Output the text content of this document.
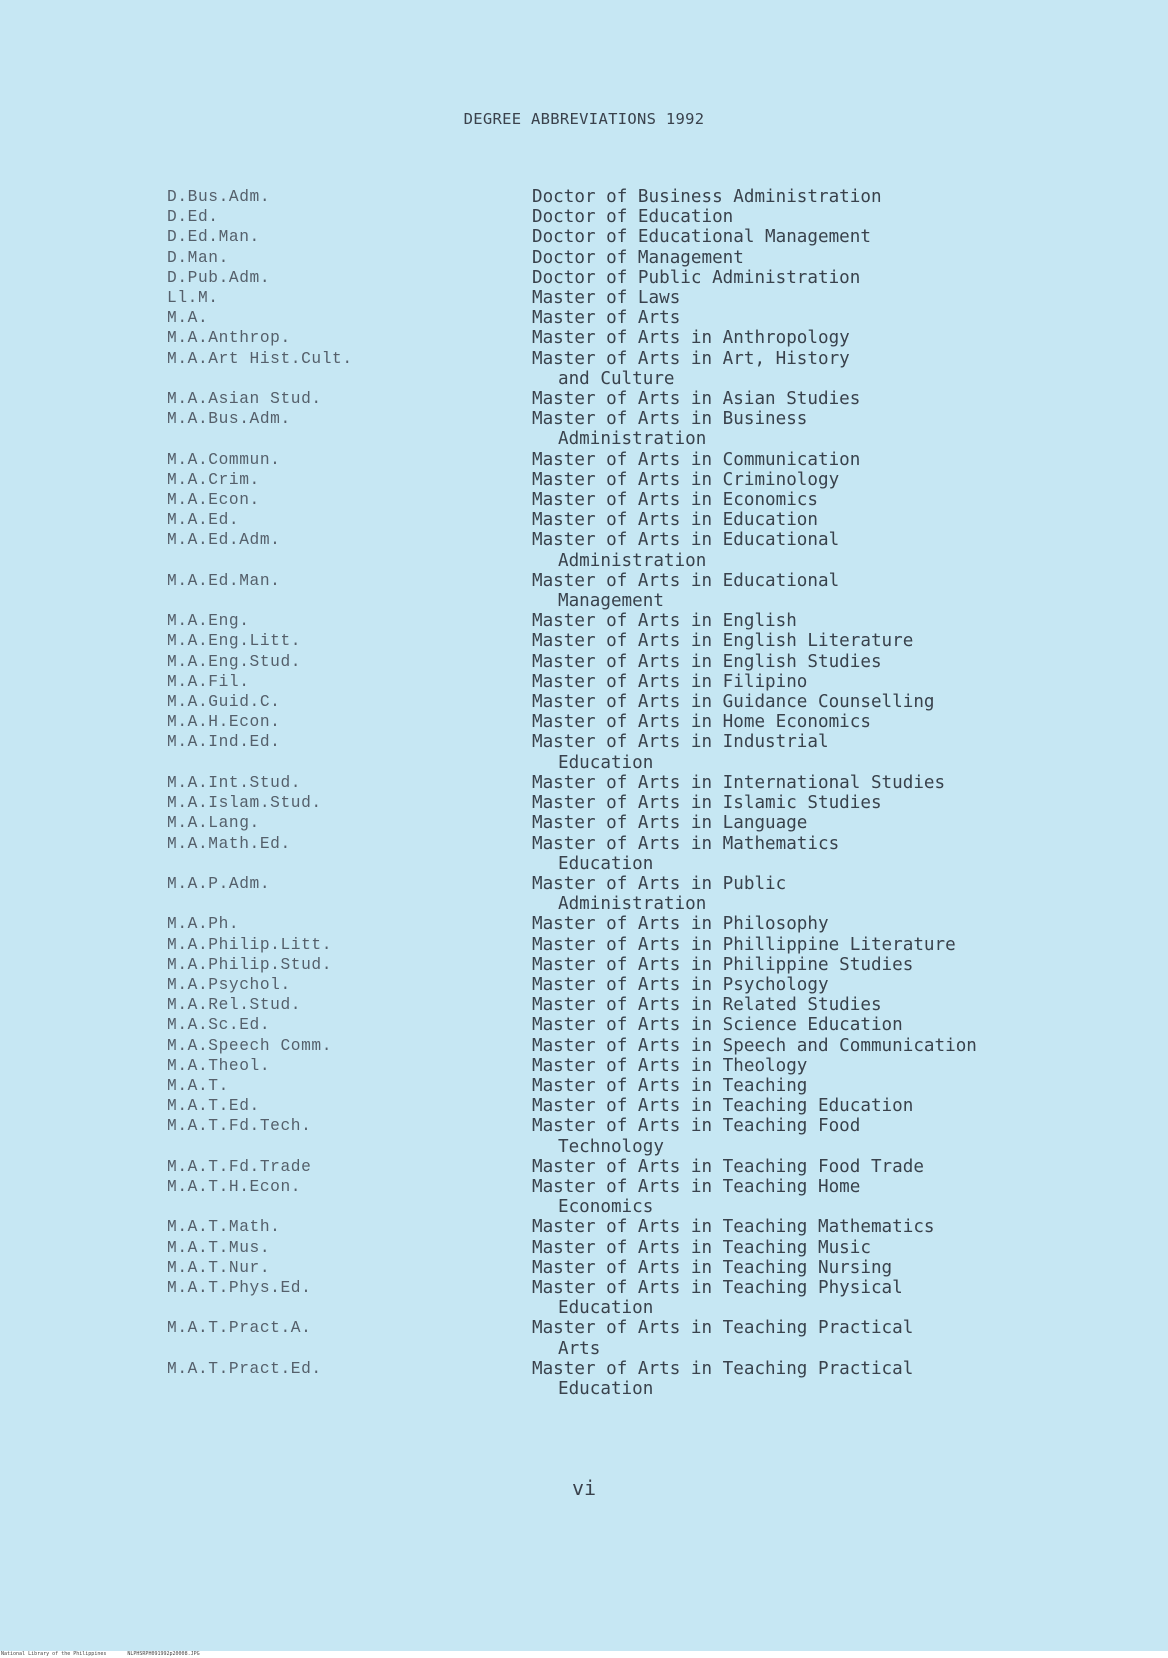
DEGREE ABBREVIATIONS 1992
D.Bus.Adm.	Doctor of Business Administration
D.Ed.	Doctor of Education
D.Ed.Man.	Doctor of Educational Management
D.Man.	Doctor of Management
D.Pub.Adm.	Doctor of Public Administration
Ll.M.	Master of Laws
M.A.	Master of Arts
M.A.Anthrop.	Master of Arts in Anthropology
M.A.Art Hist.Cult.	Master of Arts in Art, History
and Culture
M.A.Asian Stud.	Master of Arts in Asian Studies
M.A.Bus.Adm.	Master of Arts in Business
Administration
M.A.Commun.	Master of Arts in Communication
M.A.Crim.	Master of Arts in Criminology
M.A.Econ.	Master of Arts in Economics
M.A.Ed.	Master of Arts in Education
M.A.Ed.Adm.	Master of Arts in Educational
Administration
M.A.Ed.Man.	Master of Arts in Educational
Management
M.A.Eng.	Master of Arts in English
M.A.Eng.Litt.	Master of Arts in English Literature
M.A.Eng.Stud.	Master of Arts in English Studies
M.A.Fil.	Master of Arts in Filipino
M.A.Guid.C.	Master of Arts in Guidance Counselling
M.A.H.Econ.	Master of Arts in Home Economics
M.A.Ind.Ed.	Master of Arts in Industrial
Education
M.A.Int.Stud.	Master of Arts in International Studies
M.A.Islam.Stud.	Master of Arts in Islamic Studies
M.A.Lang.	Master of Arts in Language
M.A.Math.Ed.	Master of Arts in Mathematics
Education
M.A.P.Adm.	Master of Arts in Public
Administration
M.A.Ph.	Master of Arts in Philosophy
M.A.Philip.Litt.	Master of Arts in Phillippine Literature
M.A.Philip.Stud.	Master of Arts in Philippine Studies
M.A.Psychol.	Master of Arts in Psychology
M.A.Rel.Stud.	Master of Arts in Related Studies
M.A.Sc.Ed.	Master of Arts in Science Education
M.A.Speech Comm.	Master of Arts in Speech and Communication
M.A.Theol.	Master of Arts in Theology
M.A.T.	Master of Arts in Teaching
M.A.T.Ed.	Master of Arts in Teaching Education
M.A.T.Fd.Tech.	Master of Arts in Teaching Food
Technology
M.A.T.Fd.Trade	Master of Arts in Teaching Food Trade
M.A.T.H.Econ.	Master of Arts in Teaching Home
Economics
M.A.T.Math.	Master of Arts in Teaching Mathematics
M.A.T.Mus.	Master of Arts in Teaching Music
M.A.T.Nur.	Master of Arts in Teaching Nursing
M.A.T.Phys.Ed.	Master of Arts in Teaching Physical
Education
M.A.T.Pract.A.	Master of Arts in Teaching Practical
Arts
M.A.T.Pract.Ed.	Master of Arts in Teaching Practical
Education
vi
National Library of the Philippines	NLPHSRPH091992p20008.JPG
